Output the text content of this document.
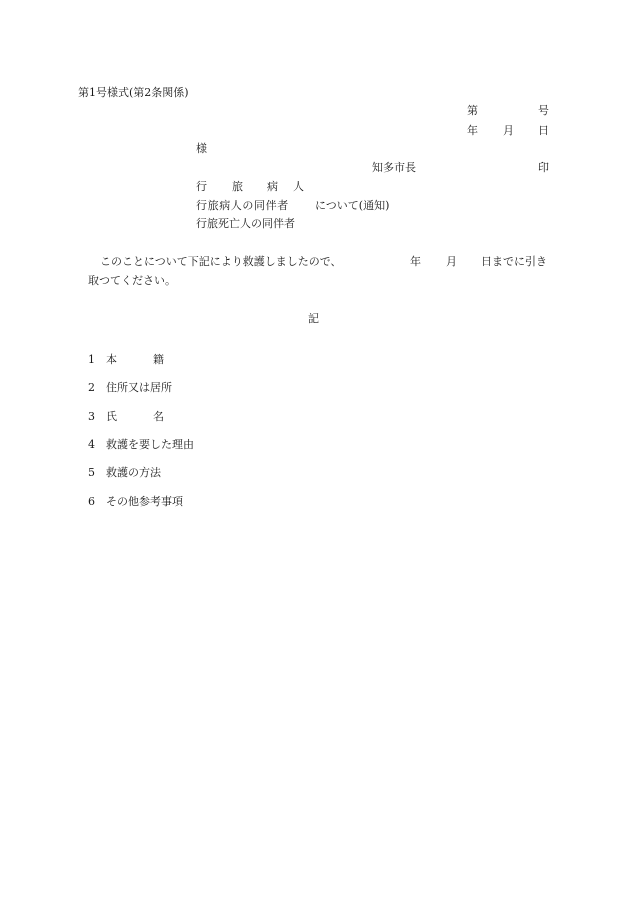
第1号様式(第2条関係)
第	号
年 月 日
様
知多市長	印
行 旅 病 人
行旅病人の同伴者 について(通知)
行旅死亡人の同伴者
このことについて下記により救護しましたので、	年 月 日までに引き
取つてください。
記
1 本	籍
2 住所又は居所
3 氏	名
4 救護を要した理由
5 救護の方法
6 その他参考事項
